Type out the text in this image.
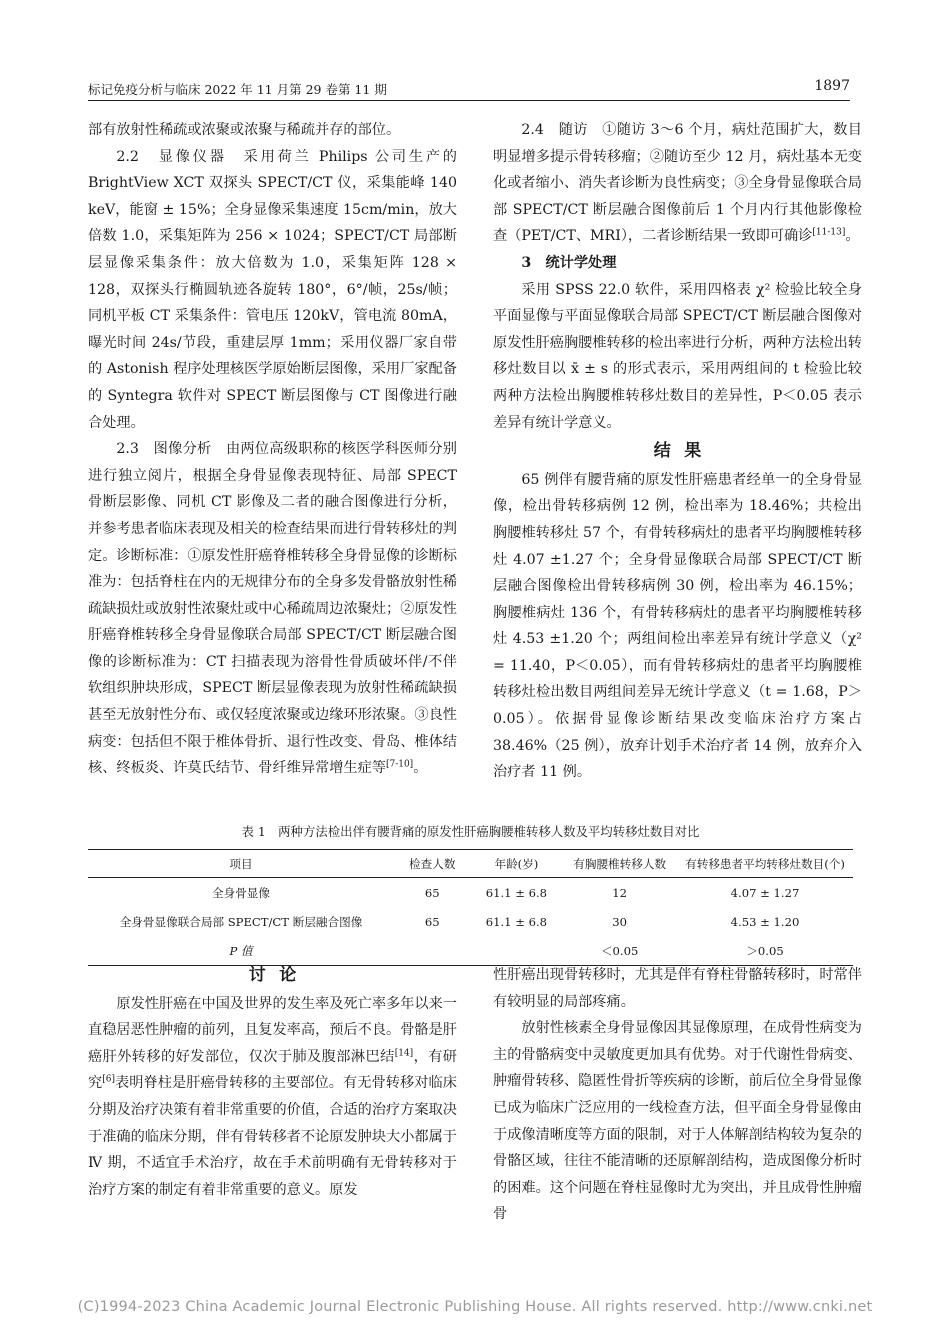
标记免疫分析与临床 2022 年 11 月第 29 卷第 11 期	1897

部有放射性稀疏或浓聚或浓聚与稀疏并存的部位。

2.2　显像仪器　采用荷兰 Philips 公司生产的 BrightView XCT 双探头 SPECT/CT 仪，采集能峰 140 keV，能窗 ± 15%；全身显像采集速度 15cm/min，放大倍数 1.0，采集矩阵为 256 × 1024；SPECT/CT 局部断层显像采集条件：放大倍数为 1.0，采集矩阵 128 × 128，双探头行椭圆轨迹各旋转 180°，6°/帧，25s/帧；同机平板 CT 采集条件：管电压 120kV，管电流 80mA，曝光时间 24s/节段，重建层厚 1mm；采用仪器厂家自带的 Astonish 程序处理核医学原始断层图像，采用厂家配备的 Syntegra 软件对 SPECT 断层图像与 CT 图像进行融合处理。

2.3　图像分析　由两位高级职称的核医学科医师分别进行独立阅片，根据全身骨显像表现特征、局部 SPECT 骨断层影像、同机 CT 影像及二者的融合图像进行分析，并参考患者临床表现及相关的检查结果而进行骨转移灶的判定。诊断标准：①原发性肝癌脊椎转移全身骨显像的诊断标准为：包括脊柱在内的无规律分布的全身多发骨骼放射性稀疏缺损灶或放射性浓聚灶或中心稀疏周边浓聚灶；②原发性肝癌脊椎转移全身骨显像联合局部 SPECT/CT 断层融合图像的诊断标准为：CT 扫描表现为溶骨性骨质破坏伴/不伴软组织肿块形成，SPECT 断层显像表现为放射性稀疏缺损甚至无放射性分布、或仅轻度浓聚或边缘环形浓聚。③良性病变：包括但不限于椎体骨折、退行性改变、骨岛、椎体结核、终板炎、许莫氏结节、骨纤维异常增生症等[7-10]。

2.4　随访　①随访 3～6 个月，病灶范围扩大，数目明显增多提示骨转移瘤；②随访至少 12 月，病灶基本无变化或者缩小、消失者诊断为良性病变；③全身骨显像联合局部 SPECT/CT 断层融合图像前后 1 个月内行其他影像检查（PET/CT、MRI），二者诊断结果一致即可确诊[11-13]。

3　统计学处理

采用 SPSS 22.0 软件，采用四格表 χ² 检验比较全身平面显像与平面显像联合局部 SPECT/CT 断层融合图像对原发性肝癌胸腰椎转移的检出率进行分析，两种方法检出转移灶数目以 x̄ ± s 的形式表示，采用两组间的 t 检验比较两种方法检出胸腰椎转移灶数目的差异性，P＜0.05 表示差异有统计学意义。

结果

65 例伴有腰背痛的原发性肝癌患者经单一的全身骨显像，检出骨转移病例 12 例，检出率为 18.46%；共检出胸腰椎转移灶 57 个，有骨转移病灶的患者平均胸腰椎转移灶 4.07 ±1.27 个；全身骨显像联合局部 SPECT/CT 断层融合图像检出骨转移病例 30 例，检出率为 46.15%；胸腰椎病灶 136 个，有骨转移病灶的患者平均胸腰椎转移灶 4.53 ±1.20 个；两组间检出率差异有统计学意义（χ² = 11.40，P＜0.05），而有骨转移病灶的患者平均胸腰椎转移灶检出数目两组间差异无统计学意义（t = 1.68，P＞0.05）。依据骨显像诊断结果改变临床治疗方案占 38.46%（25 例），放弃计划手术治疗者 14 例，放弃介入治疗者 11 例。

表 1　两种方法检出伴有腰背痛的原发性肝癌胸腰椎转移人数及平均转移灶数目对比
项目	检查人数	年龄(岁)	有胸腰椎转移人数	有转移患者平均转移灶数目(个)
全身骨显像	65	61.1 ± 6.8	12	4.07 ± 1.27
全身骨显像联合局部 SPECT/CT 断层融合图像	65	61.1 ± 6.8	30	4.53 ± 1.20
P 值			＜0.05	＞0.05

讨论

原发性肝癌在中国及世界的发生率及死亡率多年以来一直稳居恶性肿瘤的前列，且复发率高，预后不良。骨骼是肝癌肝外转移的好发部位，仅次于肺及腹部淋巴结[14]，有研究[6]表明脊柱是肝癌骨转移的主要部位。有无骨转移对临床分期及治疗决策有着非常重要的价值，合适的治疗方案取决于准确的临床分期，伴有骨转移者不论原发肿块大小都属于 Ⅳ 期，不适宜手术治疗，故在手术前明确有无骨转移对于治疗方案的制定有着非常重要的意义。原发

性肝癌出现骨转移时，尤其是伴有脊柱骨骼转移时，时常伴有较明显的局部疼痛。

放射性核素全身骨显像因其显像原理，在成骨性病变为主的骨骼病变中灵敏度更加具有优势。对于代谢性骨病变、肿瘤骨转移、隐匿性骨折等疾病的诊断，前后位全身骨显像已成为临床广泛应用的一线检查方法，但平面全身骨显像由于成像清晰度等方面的限制，对于人体解剖结构较为复杂的骨骼区域，往往不能清晰的还原解剖结构，造成图像分析时的困难。这个问题在脊柱显像时尤为突出，并且成骨性肿瘤骨

(C)1994-2023 China Academic Journal Electronic Publishing House. All rights reserved. http://www.cnki.net
